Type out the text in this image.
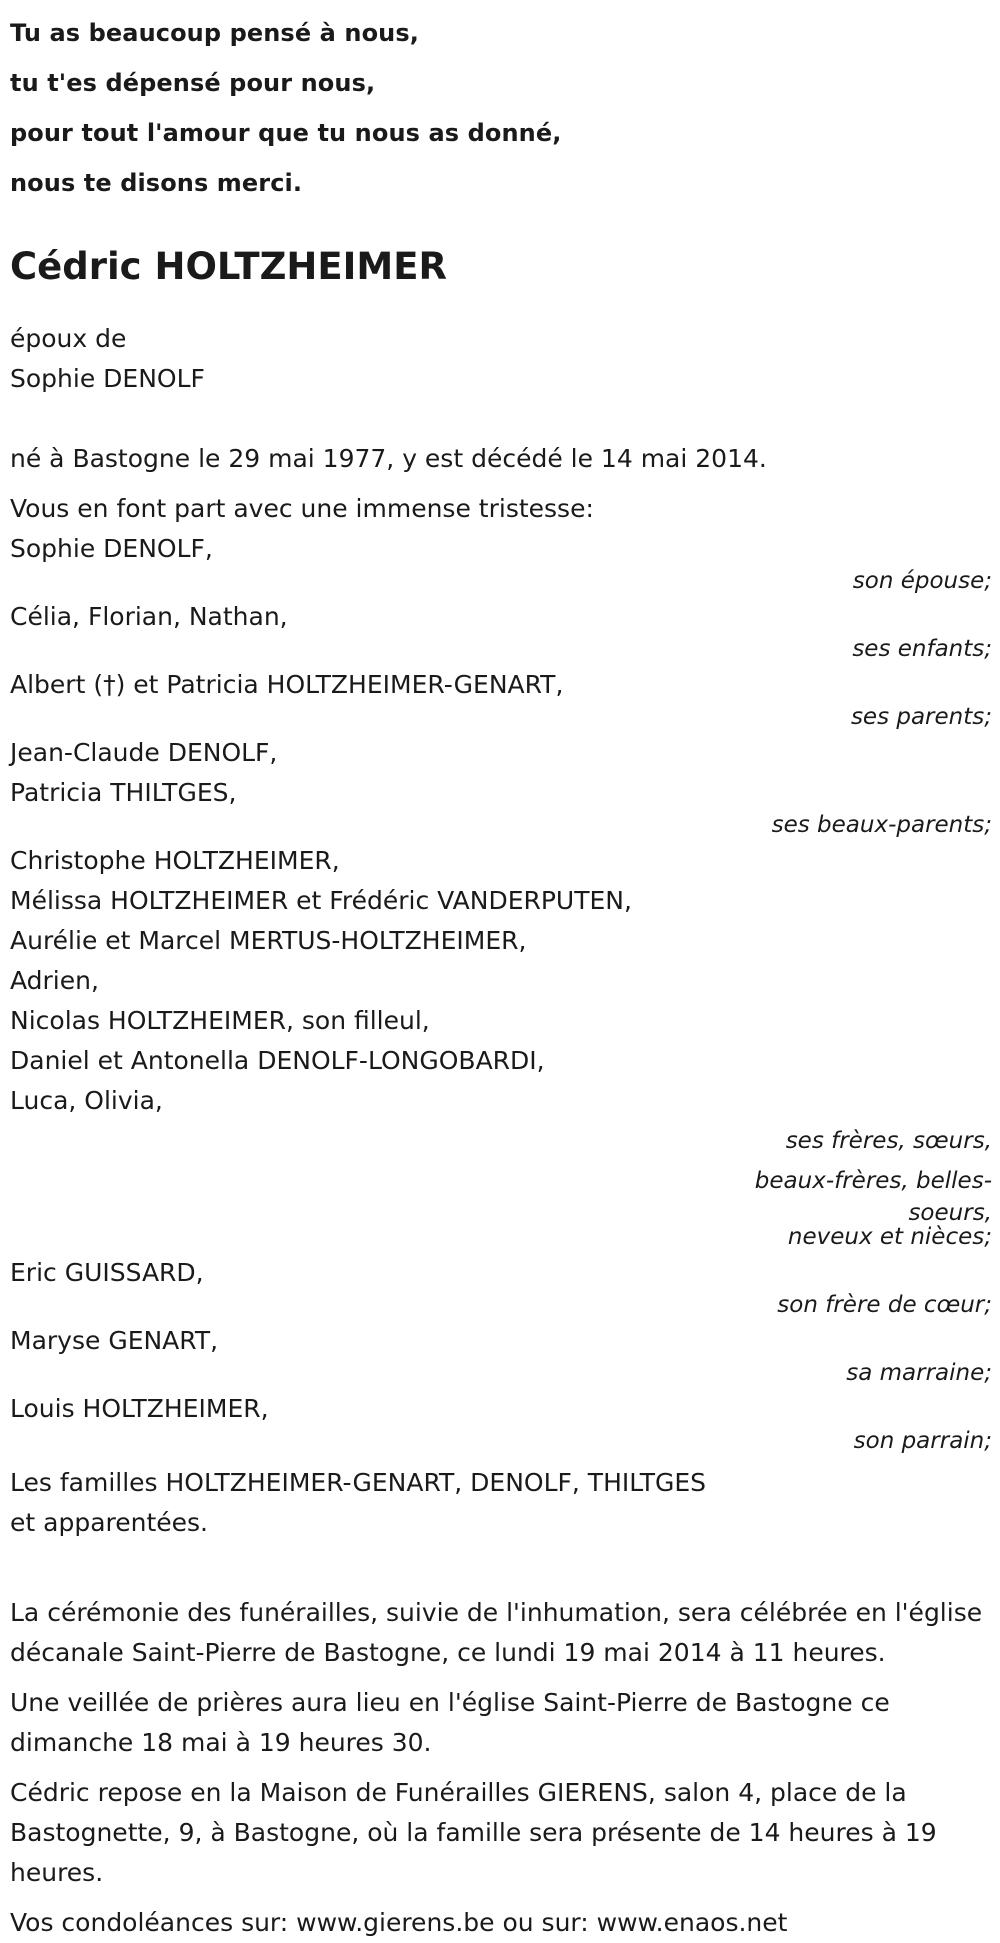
Tu as beaucoup pensé à nous,
tu t'es dépensé pour nous,
pour tout l'amour que tu nous as donné,
nous te disons merci.
Cédric HOLTZHEIMER
époux de
Sophie DENOLF
né à Bastogne le 29 mai 1977, y est décédé le 14 mai 2014.
Vous en font part avec une immense tristesse:
Sophie DENOLF,
son épouse;
Célia, Florian, Nathan,
ses enfants;
Albert (†) et Patricia HOLTZHEIMER-GENART,
ses parents;
Jean-Claude DENOLF,
Patricia THILTGES,
ses beaux-parents;
Christophe HOLTZHEIMER,
Mélissa HOLTZHEIMER et Frédéric VANDERPUTEN,
Aurélie et Marcel MERTUS-HOLTZHEIMER,
Adrien,
Nicolas HOLTZHEIMER, son filleul,
Daniel et Antonella DENOLF-LONGOBARDI,
Luca, Olivia,
ses frères, sœurs,
beaux-frères, belles-
soeurs,
neveux et nièces;
Eric GUISSARD,
son frère de cœur;
Maryse GENART,
sa marraine;
Louis HOLTZHEIMER,
son parrain;
Les familles HOLTZHEIMER-GENART, DENOLF, THILTGES
et apparentées.
La cérémonie des funérailles, suivie de l'inhumation, sera célébrée en l'église décanale Saint-Pierre de Bastogne, ce lundi 19 mai 2014 à 11 heures.
Une veillée de prières aura lieu en l'église Saint-Pierre de Bastogne ce dimanche 18 mai à 19 heures 30.
Cédric repose en la Maison de Funérailles GIERENS, salon 4, place de la Bastognette, 9, à Bastogne, où la famille sera présente de 14 heures à 19 heures.
Vos condoléances sur: www.gierens.be ou sur: www.enaos.net
